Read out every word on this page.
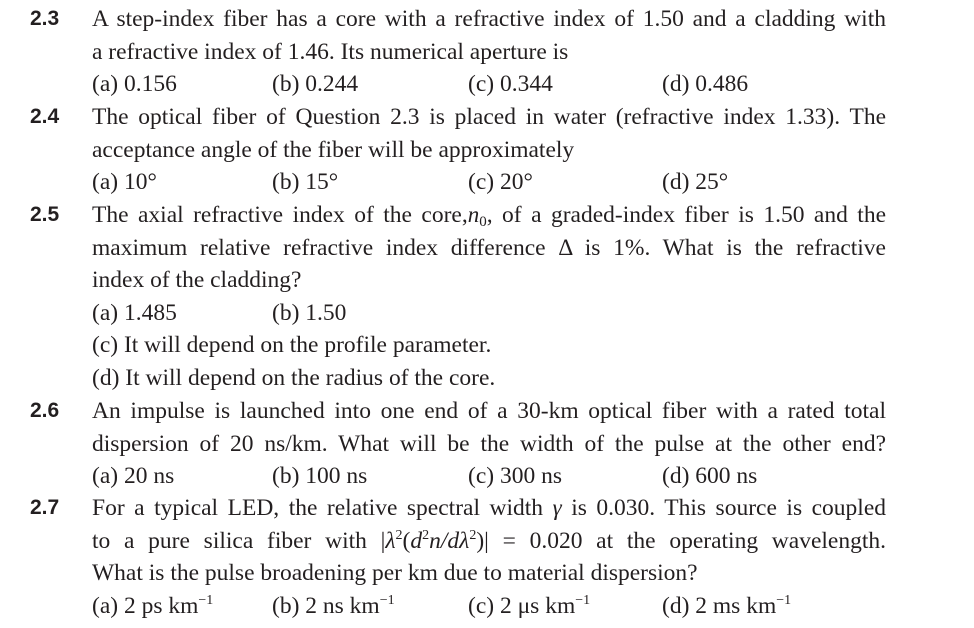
2.3 A step-index fiber has a core with a refractive index of 1.50 and a cladding with
a refractive index of 1.46. Its numerical aperture is
(a) 0.156	(b) 0.244	(c) 0.344	(d) 0.486
2.4 The optical fiber of Question 2.3 is placed in water (refractive index 1.33). The
acceptance angle of the fiber will be approximately
(a) 10°	(b) 15°	(c) 20°	(d) 25°
2.5 The axial refractive index of the $core,n_0$, of a graded-index fiber is 1.50 and the
maximum relative refractive index difference Δ is 1%. What is the refractive
index of the cladding?
(a) 1.485	(b) 1.50
(c) It will depend on the profile parameter.
(d) It will depend on the radius of the core.
2.6 An impulse is launched into one end of a 30-km optical fiber with a rated total
dispersion of 20 ns/km. What will be the width of the pulse at the other end?
(a) 20 ns	(b) 100 ns	(c) 300 ns	(d) 600 ns
2.7 For a typical LED, the relative spectral width γ is 0.030. This source is coupled
to a pure silica fiber with $|\lambda^2(d^2n/d\lambda^2)| = 0.020$ at the operating wavelength.
What is the pulse broadening per km due to material dispersion?
(a) 2 ps $km^{-1}$ (b) 2 ns $km^{-1}$	(c) 2 μs $km^{-1}$	(d) 2 ms $km^{-1}$
